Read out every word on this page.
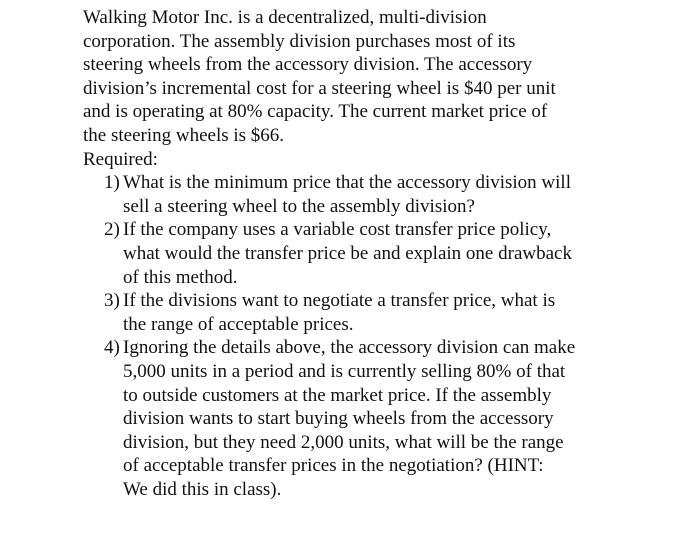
Walking Motor Inc. is a decentralized, multi-division
corporation. The assembly division purchases most of its
steering wheels from the accessory division. The accessory
division’s incremental cost for a steering wheel is $40 per unit
and is operating at 80% capacity. The current market price of
the steering wheels is $66.

Required:
1) What is the minimum price that the accessory division will
sell a steering wheel to the assembly division?
2) If the company uses a variable cost transfer price policy,
what would the transfer price be and explain one drawback
of this method.
3) If the divisions want to negotiate a transfer price, what is
the range of acceptable prices.
4) Ignoring the details above, the accessory division can make
5,000 units in a period and is currently selling 80% of that
to outside customers at the market price. If the assembly
division wants to start buying wheels from the accessory
division, but they need 2,000 units, what will be the range
of acceptable transfer prices in the negotiation? (HINT:
We did this in class).
